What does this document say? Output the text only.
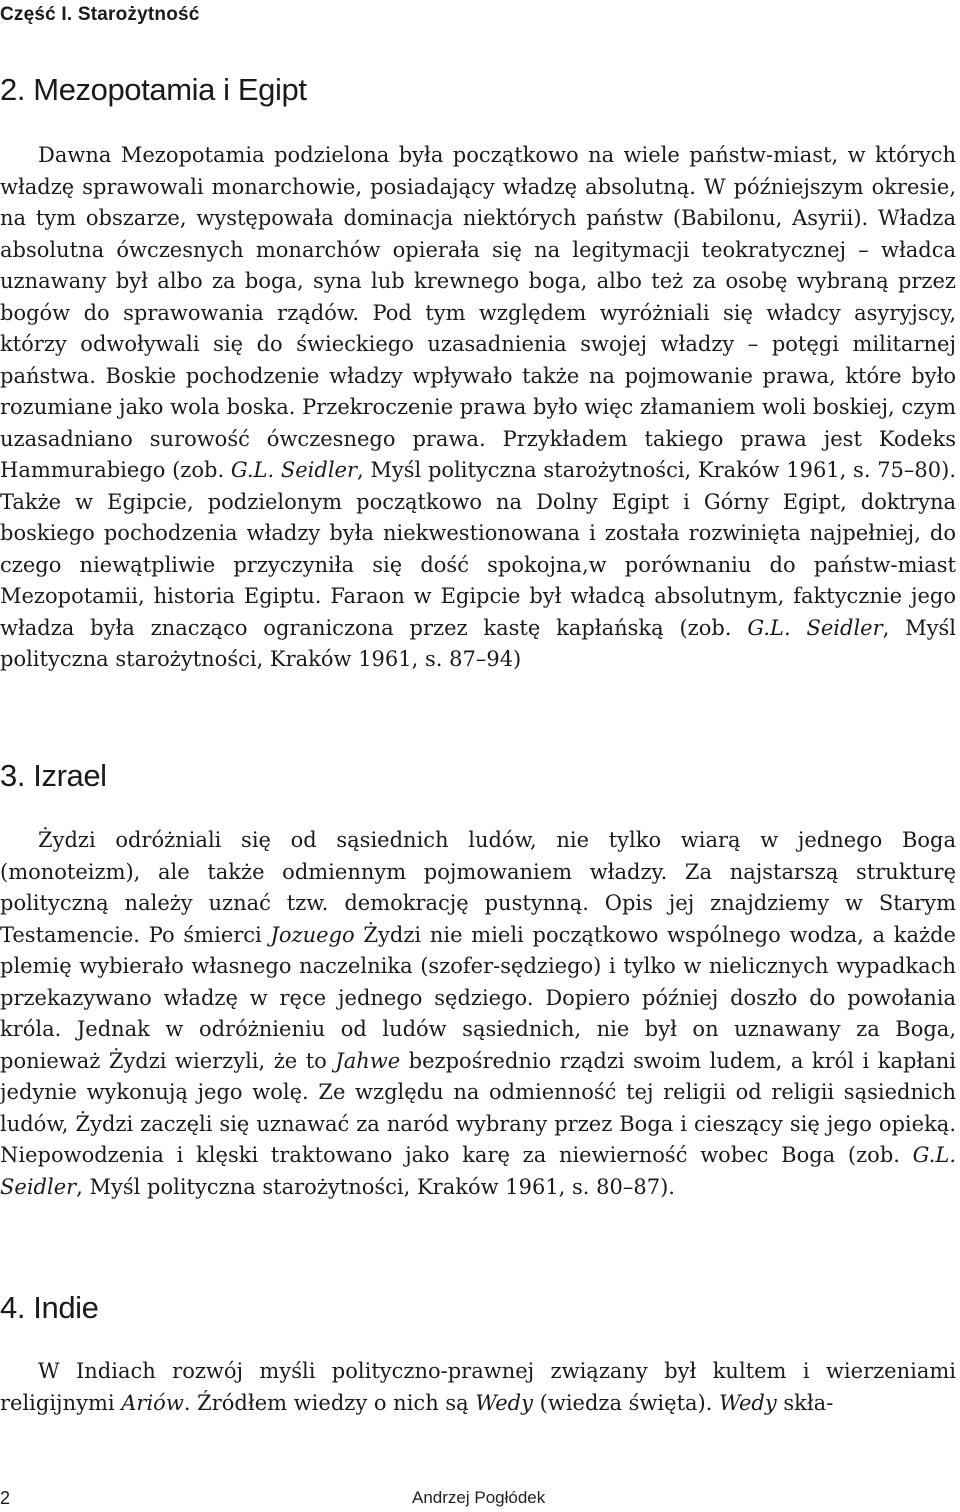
Część I. Starożytność
2. Mezopotamia i Egipt

Dawna Mezopotamia podzielona była początkowo na wiele państw-miast, w których władzę sprawowali monarchowie, posiadający władzę absolutną. W późniejszym okresie, na tym obszarze, występowała dominacja niektórych państw (Babilonu, Asyrii). Władza absolutna ówczesnych monarchów opierała się na legitymacji teokratycznej – władca uznawany był albo za boga, syna lub krewnego boga, albo też za osobę wybraną przez bogów do sprawowania rządów. Pod tym względem wyróżniali się władcy asyryjscy, którzy odwoływali się do świeckiego uzasadnienia swojej władzy – potęgi militarnej państwa. Boskie pochodzenie władzy wpływało także na pojmowanie prawa, które było rozumiane jako wola boska. Przekroczenie prawa było więc złamaniem woli boskiej, czym uzasadniano surowość ówczesnego prawa. Przykładem takiego prawa jest Kodeks Hammurabiego (zob. G.L. Seidler, Myśl polityczna starożytności, Kraków 1961, s. 75–80). Także w Egipcie, podzielonym początkowo na Dolny Egipt i Górny Egipt, doktryna boskiego pochodzenia władzy była niekwestionowana i została rozwinięta najpełniej, do czego niewątpliwie przyczyniła się dość spokojna,w porównaniu do państw-miast Mezopotamii, historia Egiptu. Faraon w Egipcie był władcą absolutnym, faktycznie jego władza była znacząco ograniczona przez kastę kapłańską (zob. G.L. Seidler, Myśl polityczna starożytności, Kraków 1961, s. 87–94)

3. Izrael

Żydzi odróżniali się od sąsiednich ludów, nie tylko wiarą w jednego Boga (monoteizm), ale także odmiennym pojmowaniem władzy. Za najstarszą strukturę polityczną należy uznać tzw. demokrację pustynną. Opis jej znajdziemy w Starym Testamencie. Po śmierci Jozuego Żydzi nie mieli początkowo wspólnego wodza, a każde plemię wybierało własnego naczelnika (szofer-sędziego) i tylko w nielicznych wypadkach przekazywano władzę w ręce jednego sędziego. Dopiero później doszło do powołania króla. Jednak w odróżnieniu od ludów sąsiednich, nie był on uznawany za Boga, ponieważ Żydzi wierzyli, że to Jahwe bezpośrednio rządzi swoim ludem, a król i kapłani jedynie wykonują jego wolę. Ze względu na odmienność tej religii od religii sąsiednich ludów, Żydzi zaczęli się uznawać za naród wybrany przez Boga i cieszący się jego opieką. Niepowodzenia i klęski traktowano jako karę za niewierność wobec Boga (zob. G.L. Seidler, Myśl polityczna starożytności, Kraków 1961, s. 80–87).

4. Indie

W Indiach rozwój myśli polityczno-prawnej związany był kultem i wierzeniami religijnymi Ariów. Źródłem wiedzy o nich są Wedy (wiedza święta). Wedy skła-

2	Andrzej Pogłódek
